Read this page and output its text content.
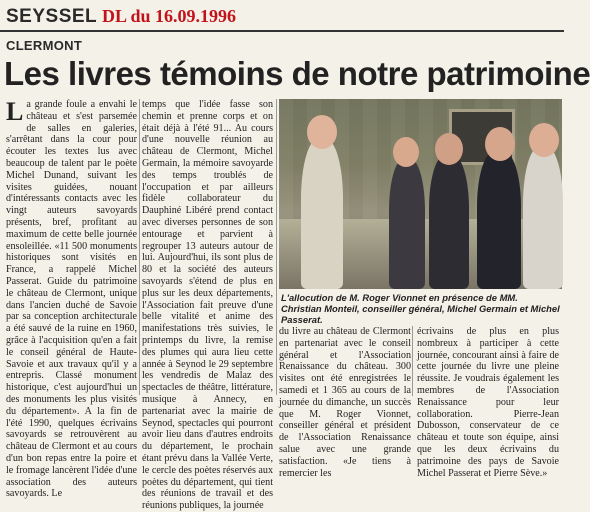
SEYSSEL DL du 16.09.1996
CLERMONT
Les livres témoins de notre patrimoine

La grande foule a envahi le château et s'est parsemée de salles en galeries, s'arrêtant dans la cour pour écouter les textes lus avec beaucoup de talent par le poète Michel Dunand, suivant les visites guidées, nouant d'intéressants contacts avec les vingt auteurs savoyards présents, bref, profitant au maximum de cette belle journée ensoleillée. «11 500 monuments historiques sont visités en France, a rappelé Michel Passerat. Guide du patrimoine le château de Clermont, unique dans l'ancien duché de Savoie par sa conception architecturale a été sauvé de la ruine en 1960, grâce à l'acquisition qu'en a fait le conseil général de Haute-Savoie et aux travaux qu'il y a entrepris. Classé monument historique, c'est aujourd'hui un des monuments les plus visités du département». A la fin de l'été 1990, quelques écrivains savoyards se retrouvèrent au château de Clermont et au cours d'un bon repas entre la poire et le fromage lancèrent l'idée d'une association des auteurs savoyards. Le

temps que l'idée fasse son chemin et prenne corps et on était déjà à l'été 91... Au cours d'une nouvelle réunion au château de Clermont, Michel Germain, la mémoire savoyarde des temps troublés de l'occupation et par ailleurs fidèle collaborateur du Dauphiné Libéré prend contact avec diverses personnes de son entourage et parvient à regrouper 13 auteurs autour de lui. Aujourd'hui, ils sont plus de 80 et la société des auteurs savoyards s'étend de plus en plus sur les deux départements, l'Association fait preuve d'une belle vitalité et anime des manifestations très suivies, le printemps du livre, la remise des plumes qui aura lieu cette année à Seynod le 29 septembre les vendredis de Malaz des spectacles de théâtre, littérature, musique à Annecy, en partenariat avec la mairie de Seynod, spectacles qui pourront avoir lieu dans d'autres endroits du département, le prochain étant prévu dans la Vallée Verte, le cercle des poètes réservés aux poètes du département, qui tient des réunions de travail et des réunions publiques, la journée

L'allocution de M. Roger Vionnet en présence de MM. Christian Monteil, conseiller général, Michel Germain et Michel Passerat.

du livre au château de Clermont en partenariat avec le conseil général et l'Association Renaissance du château. 300 visites ont été enregistrées le samedi et 1 365 au cours de la journée du dimanche, un succès que M. Roger Vionnet, conseiller général et président de l'Association Renaissance salue avec une grande satisfaction. «Je tiens à remercier les

écrivains de plus en plus nombreux à participer à cette journée, concourant ainsi à faire de cette journée du livre une pleine réussite. Je voudrais également les membres de l'Association Renaissance pour leur collaboration. Pierre-Jean Dubosson, conservateur de ce château et toute son équipe, ainsi que les deux écrivains du patrimoine des pays de Savoie Michel Passerat et Pierre Sève.»
